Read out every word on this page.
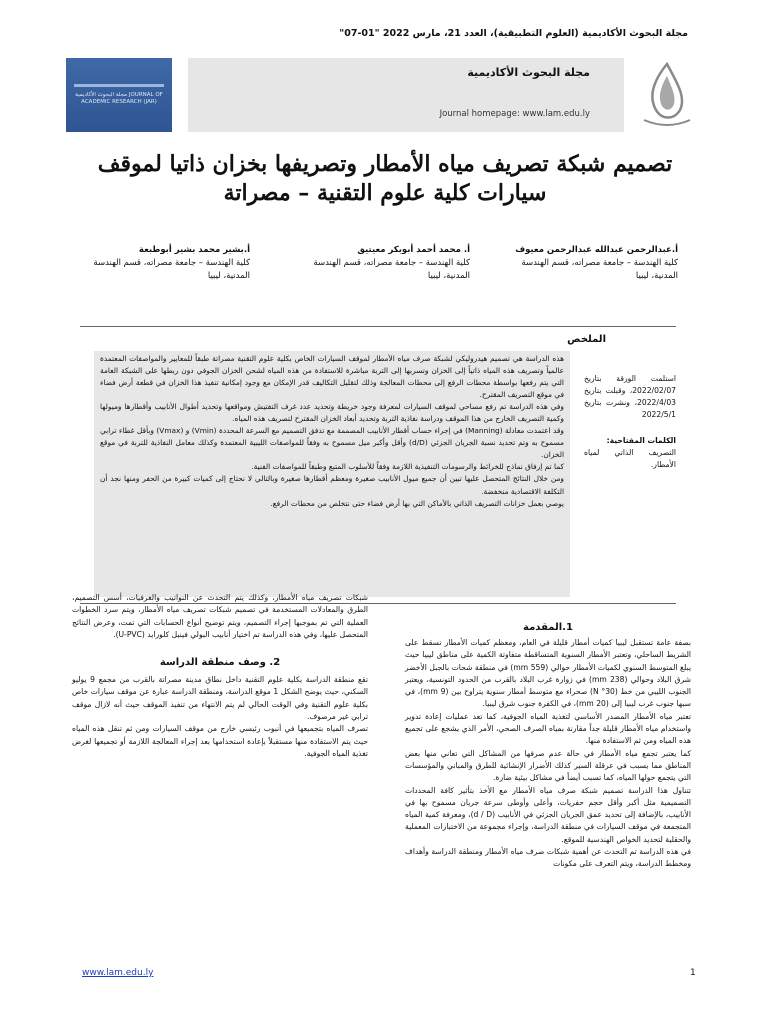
مجلة البحوث الأكاديمية (العلوم التطبيقية)، العدد 21، مارس 2022 "01-07"
مجلة البحوث الأكاديمية JOURNAL OF ACADEMIC RESEARCH (JAR)
مجلة البحوث الأكاديمية
Journal homepage: www.lam.edu.ly
تصميم شبكة تصريف مياه الأمطار وتصريفها بخزان ذاتيا لموقف سيارات كلية علوم التقنية – مصراتة
أ.عبدالرحمن عبدالله عبدالرحمن معيوف
كلية الهندسة – جامعة مصراته، قسم الهندسة المدنية، ليبيا
أ. محمد أحمد أبوبكر معيتيق
كلية الهندسة – جامعة مصراته، قسم الهندسة المدنية، ليبيا
أ.بشير محمد بشير أبوطبعة
كلية الهندسة – جامعة مصراته، قسم الهندسة المدنية، ليبيا
الملخص

هذه الدراسة هي تصميم هيدروليكي لشبكة صرف مياه الأمطار لموقف السيارات الخاص بكلية علوم التقنية مصراتة طبقاً للمعايير والمواصفات المعتمدة عالمياً وتصريف هذه المياه ذاتياً إلى الخزان وتسربها إلى التربة مباشرة للاستفادة من هذه المياه لشحن الخزان الجوفي دون ربطها على الشبكة العامة التي يتم رفعها بواسطة محطات الرفع إلى محطات المعالجة وذلك لتقليل التكاليف قدر الإمكان مع وجود إمكانية تنفيذ هذا الخزان في قطعة أرض فضاء في موقع التصريف المقترح.

وفي هذه الدراسة تم رفع مساحي لموقف السيارات لمعرفة وجود خريطة وتحديد عدد غرف التفتيش ومواقعها وتحديد أطوال الأنابيب وأقطارها وميولها وكمية التصريف الخارج من هذا الموقف ودراسة نفاذية التربة وتحديد أبعاد الخزان المقترح لتصريف هذه المياه.

وقد اعتمدت معادلة (Manning) في إجراء حساب أقطار الأنابيب المصممة مع تدفق التصميم مع السرعة المحددة (Vmin) و (Vmax) وبأقل غطاء ترابي مسموح به وتم تحديد نسبة الجريان الجزئي (d/D) وأقل وأكبر ميل مسموح به وفقاً للمواصفات الليبية المعتمدة وكذلك معامل النفاذية للتربة في موقع الخزان.

كما تم إرفاق نماذج للخرائط والرسومات التنفيذية اللازمة وفقاً للأسلوب المتبع وطبقاً للمواصفات الفنية.

ومن خلال النتائج المتحصل عليها تبين أن جميع ميول الأنابيب صغيرة ومعظم أقطارها صغيرة وبالتالي لا نحتاج إلى كميات كبيرة من الحفر ومنها نجد أن التكلفة الاقتصادية منخفضة.

يوصي بعمل خزانات التصريف الذاتي بالأماكن التي بها أرض فضاء حتى نتخلص من محطات الرفع.

استلمت الورقة بتاريخ 2022/02/07، وقبلت بتاريخ 2022/4/03، ونشرت بتاريخ 2022/5/1

الكلمات المفتاحية:

التصريف الذاتي لمياه الأمطار.

1.المقدمة

بصفة عامة تستقبل ليبيا كميات أمطار قليلة في العام، ومعظم كميات الأمطار تسقط على الشريط الساحلي، وتعتبر الأمطار السنوية المتساقطة متفاوتة الكمية على مناطق ليبيا حيث يبلغ المتوسط السنوي لكميات الأمطار حوالي (559 mm) في منطقة شحات بالجبل الأخضر شرق البلاد وحوالي (238 mm) في زوارة غرب البلاد بالقرب من الحدود التونسية، ويعتبر الجنوب الليبي من خط (30° N) صحراء مع متوسط أمطار سنوية يتراوح بين (9 mm)، في سبها جنوب غرب ليبيا إلى (20 mm)، في الكفرة جنوب شرق ليبيا.

تعتبر مياه الأمطار المصدر الأساسي لتغذية المياه الجوفية، كما تعد عمليات إعادة تدوير واستخدام مياه الأمطار قليلة جداً مقارنة بمياه الصرف الصحي، الأمر الذي يشجع على تجميع هذه المياه ومن ثم الاستفادة منها.

كما يعتبر تجمع مياه الأمطار في حالة عدم صرفها من المشاكل التي تعاني منها بعض المناطق مما يسبب في عرقلة السير كذلك الأضرار الإنشائية للطرق والمباني والمؤسسات التي يتجمع حولها المياه، كما تسبب أيضاً في مشاكل بيئية ضارة.

تتناول هذا الدراسة تصميم شبكة صرف مياه الأمطار مع الأخذ بتأثير كافة المحددات التصميمية مثل أكبر وأقل حجم حفريات، وأعلى وأوطى سرعة جريان مسموح بها في الأنابيب، بالإضافة إلى تحديد عمق الجريان الجزئي في الأنابيب (d / D)، ومعرفة كمية المياه المتجمعة في موقف السيارات في منطقة الدراسة، وإجراء مجموعة من الاختبارات المعملية والحقلية لتحديد الخواص الهندسية للموقع.

في هذه الدراسة تم التحدث عن أهمية شبكات صرف مياه الأمطار ومنطقة الدراسة وأهداف ومخطط الدراسة، ويتم التعرف على مكونات

شبكات تصريف مياه الأمطار، وكذلك يتم التحدث عن النواتيب والغرفيات، أسس التصميم، الطرق والمعادلات المستخدمة في تصميم شبكات تصريف مياه الأمطار، ويتم سرد الخطوات العملية التي تم بموجبها إجراء التصميم، ويتم توضيح أنواع الحسابات التي تمت، وعرض النتائج المتحصل عليها، وفي هذه الدراسة تم اختيار أنابيب البولي فينيل كلورايد (U-PVC).

2. وصف منطقة الدراسة

تقع منطقة الدراسة بكلية علوم التقنية داخل نطاق مدينة مصراتة بالقرب من مجمع 9 يوليو السكني، حيث يوضح الشكل 1 موقع الدراسة، ومنطقة الدراسة عبارة عن موقف سيارات خاص بكلية علوم التقنية وفي الوقت الحالي لم يتم الانتهاء من تنفيذ الموقف حيث أنه لازال موقف ترابي غير مرصوف.

تصرف المياه بتجميعها في أنبوب رئيسي خارج من موقف السيارات ومن ثم تنقل هذه المياه حيث يتم الاستفادة منها مستقبلاً بإعادة استخدامها بعد إجراء المعالجة اللازمة أو تجميعها لغرض تغذية المياه الجوفية.

www.lam.edu.ly	1
